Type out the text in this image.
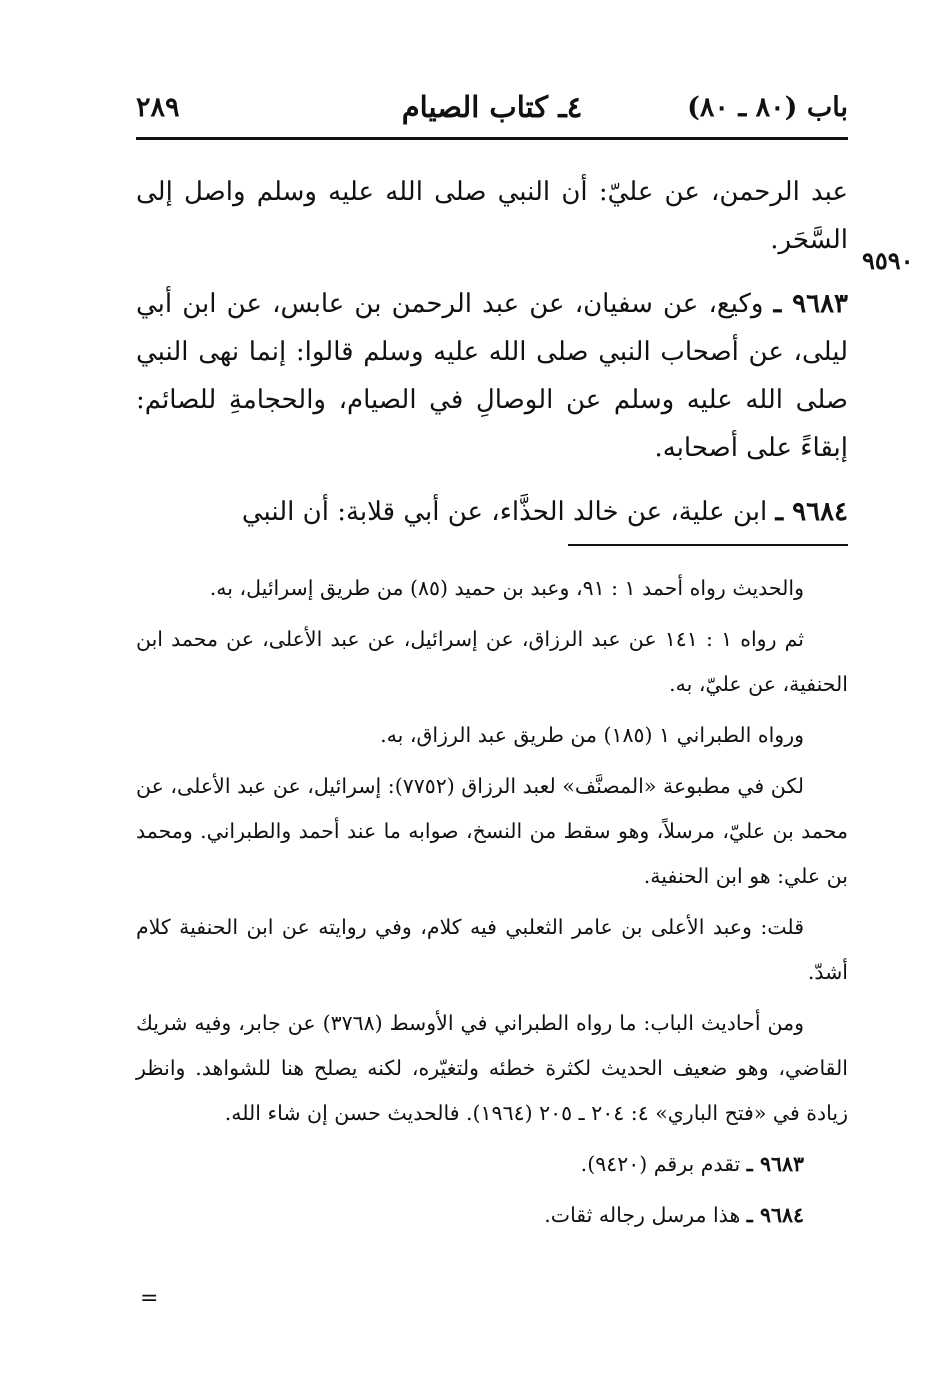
باب (٨٠ ـ ٨٠)
٤ـ كتاب الصيام
٢٨٩
٩٥٩٠

عبد الرحمن، عن عليّ: أن النبي صلى الله عليه وسلم واصل إلى السَّحَر.

٩٦٨٣ ـ وكيع، عن سفيان، عن عبد الرحمن بن عابس، عن ابن أبي ليلى، عن أصحاب النبي صلى الله عليه وسلم قالوا: إنما نهى النبي صلى الله عليه وسلم عن الوصالِ في الصيام، والحجامةِ للصائم: إبقاءً على أصحابه.

٩٦٨٤ ـ ابن علية، عن خالد الحذَّاء، عن أبي قلابة: أن النبي

والحديث رواه أحمد ١ : ٩١، وعبد بن حميد (٨٥) من طريق إسرائيل، به.

ثم رواه ١ : ١٤١ عن عبد الرزاق، عن إسرائيل، عن عبد الأعلى، عن محمد ابن الحنفية، عن عليّ، به.

ورواه الطبراني ١ (١٨٥) من طريق عبد الرزاق، به.

لكن في مطبوعة «المصنَّف» لعبد الرزاق (٧٧٥٢): إسرائيل، عن عبد الأعلى، عن محمد بن عليّ، مرسلاً، وهو سقط من النسخ، صوابه ما عند أحمد والطبراني. ومحمد بن علي: هو ابن الحنفية.

قلت: وعبد الأعلى بن عامر الثعلبي فيه كلام، وفي روايته عن ابن الحنفية كلام أشدّ.

ومن أحاديث الباب: ما رواه الطبراني في الأوسط (٣٧٦٨) عن جابر، وفيه شريك القاضي، وهو ضعيف الحديث لكثرة خطئه ولتغيّره، لكنه يصلح هنا للشواهد. وانظر زيادة في «فتح الباري» ٤: ٢٠٤ ـ ٢٠٥ (١٩٦٤). فالحديث حسن إن شاء الله.

٩٦٨٣ ـ تقدم برقم (٩٤٢٠).

٩٦٨٤ ـ هذا مرسل رجاله ثقات.

=
